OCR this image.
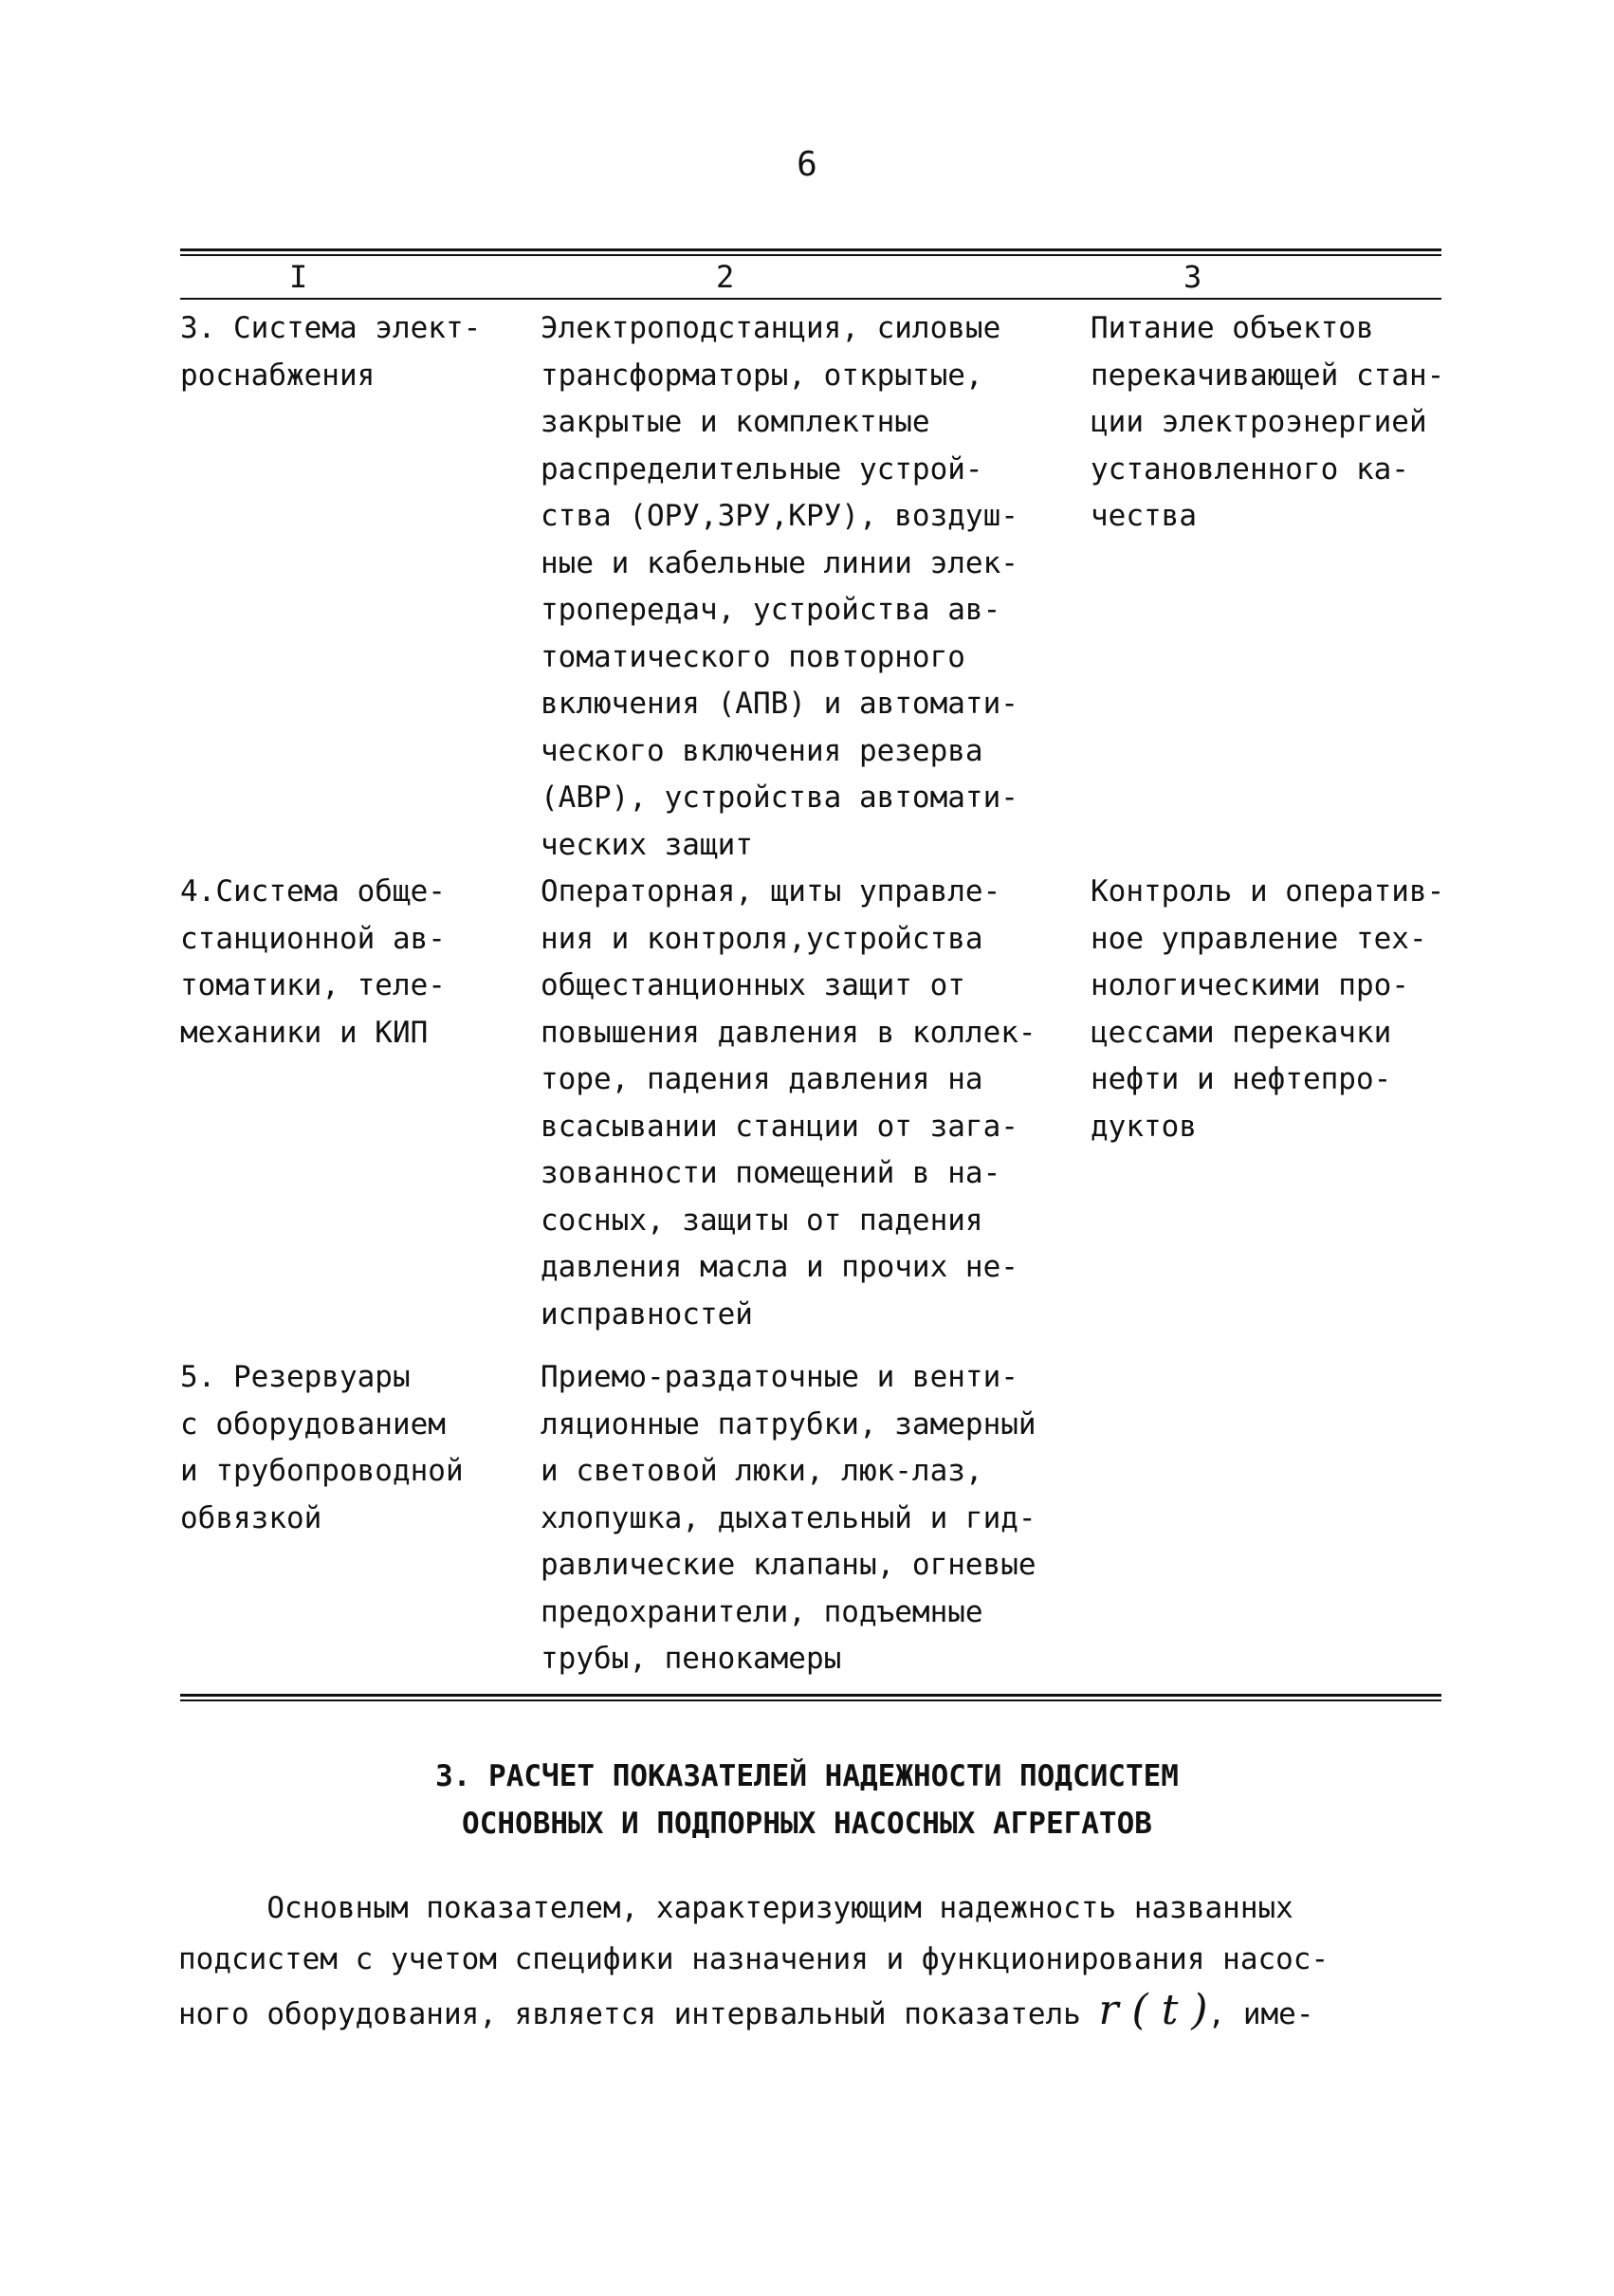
6
I	2	3
3. Система элект-
роснабжения
Электроподстанция, силовые
трансформаторы, открытые,
закрытые и комплектные
распределительные устрой-
ства (ОРУ,ЗРУ,КРУ), воздуш-
ные и кабельные линии элек-
тропередач, устройства ав-
томатического повторного
включения (АПВ) и автомати-
ческого включения резерва
(АВР), устройства автомати-
ческих защит
Питание объектов
перекачивающей стан-
ции электроэнергией
установленного ка-
чества
4.Система обще-
станционной ав-
томатики, теле-
механики и КИП
Операторная, щиты управле-
ния и контроля,устройства
общестанционных защит от
повышения давления в коллек-
торе, падения давления на
всасывании станции от зага-
зованности помещений в на-
сосных, защиты от падения
давления масла и прочих не-
исправностей
Контроль и оператив-
ное управление тех-
нологическими про-
цессами перекачки
нефти и нефтепро-
дуктов
5. Резервуары
с оборудованием
и трубопроводной
обвязкой
Приемо-раздаточные и венти-
ляционные патрубки, замерный
и световой люки, люк-лаз,
хлопушка, дыхательный и гид-
равлические клапаны, огневые
предохранители, подъемные
трубы, пенокамеры
3. РАСЧЕТ ПОКАЗАТЕЛЕЙ НАДЕЖНОСТИ ПОДСИСТЕМ
ОСНОВНЫХ И ПОДПОРНЫХ НАСОСНЫХ АГРЕГАТОВ
Основным показателем, характеризующим надежность названных
подсистем с учетом специфики назначения и функционирования насос-
ного оборудования, является интервальный показатель r ( t ), име-
